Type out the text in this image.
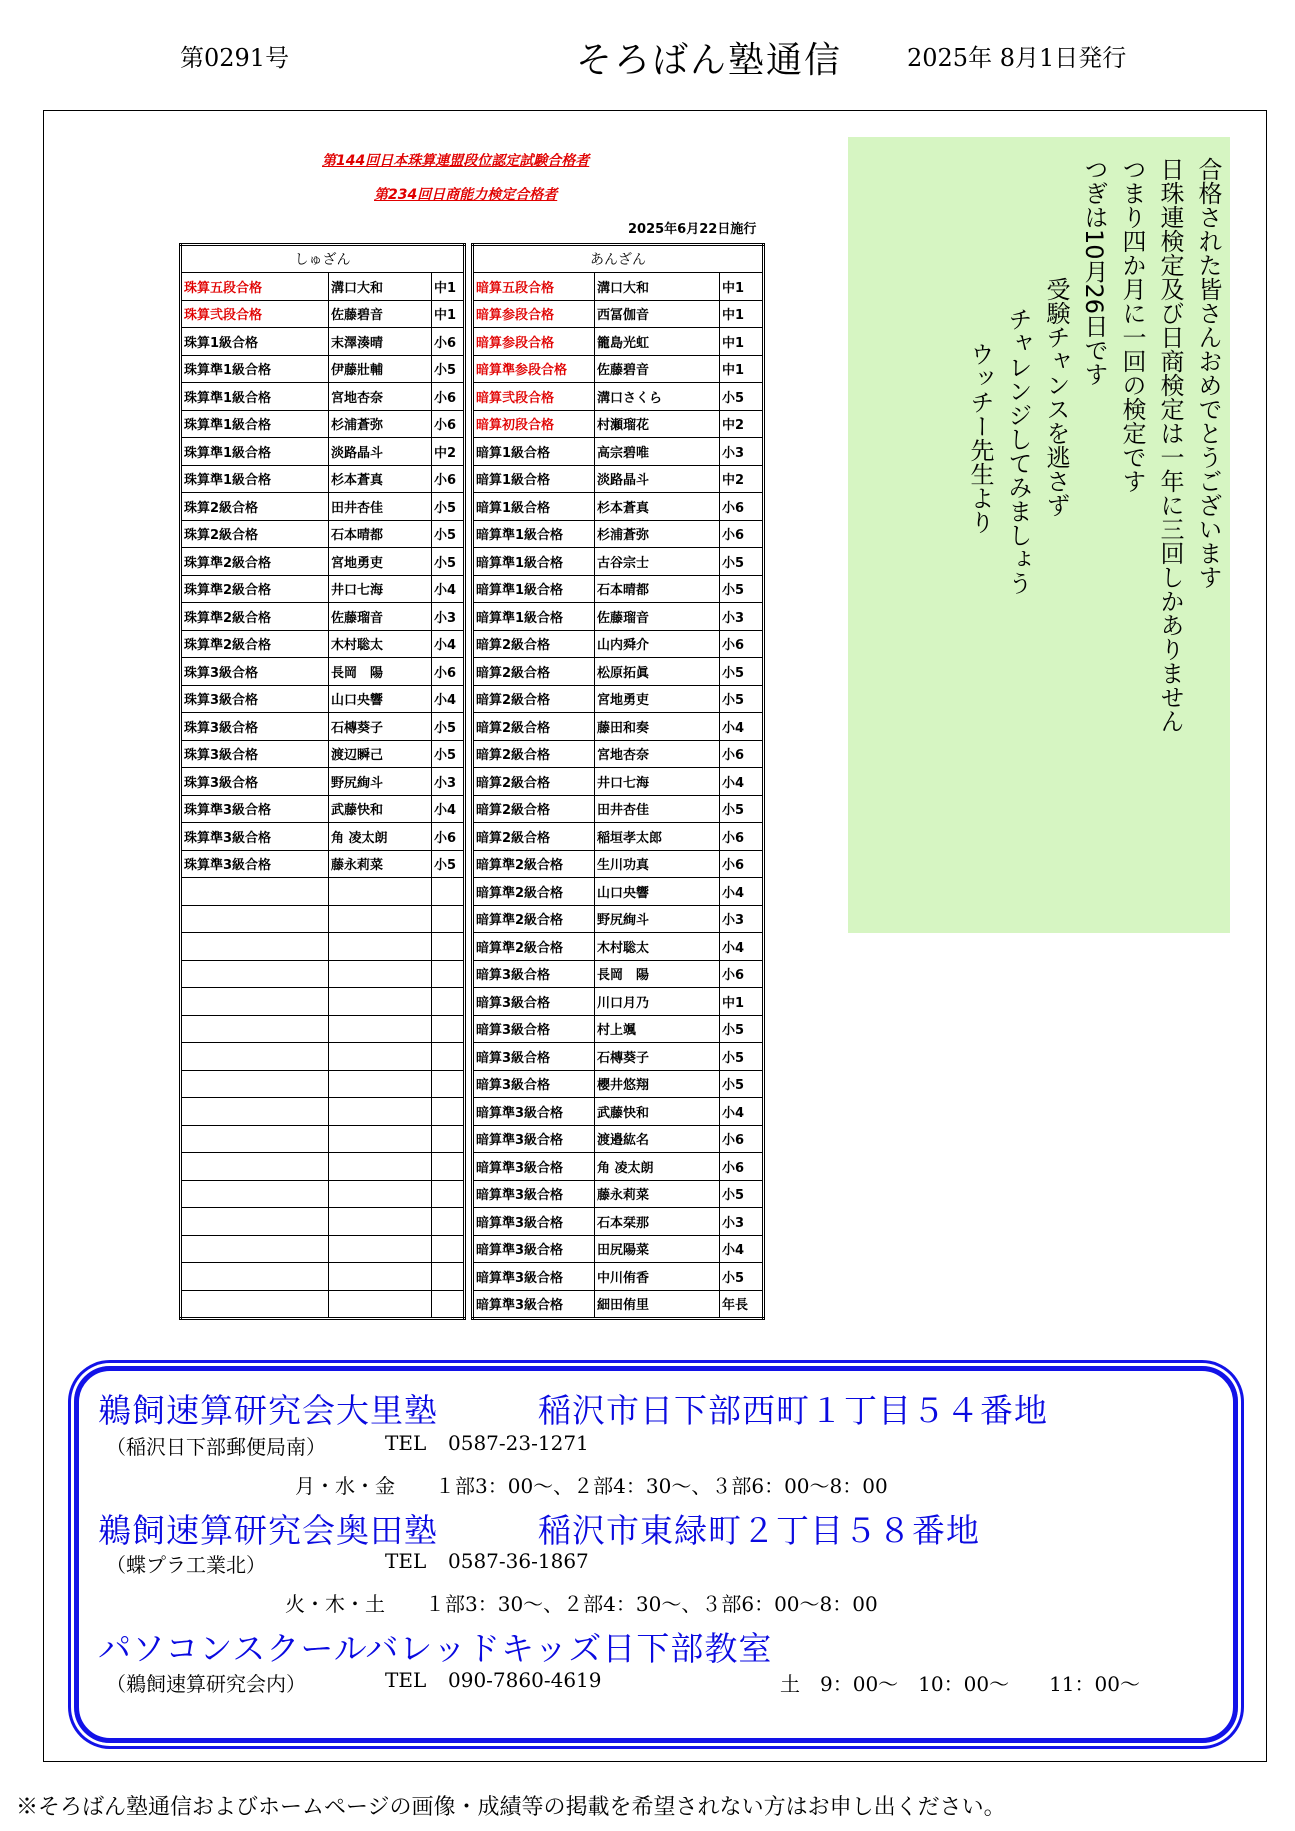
第0291号	そろばん塾通信	2025年 8月1日発行
第144回日本珠算連盟段位認定試験合格者
第234回日商能力検定合格者
2025年6月22日施行
しゅざん		
珠算五段合格	溝口大和	中1
珠算弐段合格	佐藤碧音	中1
珠算1級合格	末澤湊晴	小6
珠算準1級合格	伊藤壯輔	小5
珠算準1級合格	宮地杏奈	小6
珠算準1級合格	杉浦蒼弥	小6
珠算準1級合格	淡路晶斗	中2
珠算準1級合格	杉本蒼真	小6
珠算2級合格	田井杏佳	小5
珠算2級合格	石本晴都	小5
珠算準2級合格	宮地勇吏	小5
珠算準2級合格	井口七海	小4
珠算準2級合格	佐藤瑠音	小3
珠算準2級合格	木村聡太	小4
珠算3級合格	長岡　陽	小6
珠算3級合格	山口央響	小4
珠算3級合格	石槫葵子	小5
珠算3級合格	渡辺瞬己	小5
珠算3級合格	野尻絢斗	小3
珠算準3級合格	武藤快和	小4
珠算準3級合格	角 凌太朗	小6
珠算準3級合格	藤永莉菜	小5

あんざん		
暗算五段合格	溝口大和	中1
暗算参段合格	西冨伽音	中1
暗算参段合格	籠島光虹	中1
暗算準参段合格	佐藤碧音	中1
暗算弐段合格	溝口さくら	小5
暗算初段合格	村瀬瑠花	中2
暗算1級合格	高宗碧唯	小3
暗算1級合格	淡路晶斗	中2
暗算1級合格	杉本蒼真	小6
暗算準1級合格	杉浦蒼弥	小6
暗算準1級合格	古谷宗士	小5
暗算準1級合格	石本晴都	小5
暗算準1級合格	佐藤瑠音	小3
暗算2級合格	山内舜介	小6
暗算2級合格	松原拓眞	小5
暗算2級合格	宮地勇吏	小5
暗算2級合格	藤田和奏	小4
暗算2級合格	宮地杏奈	小6
暗算2級合格	井口七海	小4
暗算2級合格	田井杏佳	小5
暗算2級合格	稲垣孝太郎	小6
暗算準2級合格	生川功真	小6
暗算準2級合格	山口央響	小4
暗算準2級合格	野尻絢斗	小3
暗算準2級合格	木村聡太	小4
暗算3級合格	長岡　陽	小6
暗算3級合格	川口月乃	中1
暗算3級合格	村上颯	小5
暗算3級合格	石槫葵子	小5
暗算3級合格	櫻井悠翔	小5
暗算準3級合格	武藤快和	小4
暗算準3級合格	渡邉紘名	小6
暗算準3級合格	角 凌太朗	小6
暗算準3級合格	藤永莉菜	小5
暗算準3級合格	石本栞那	小3
暗算準3級合格	田尻陽菜	小4
暗算準3級合格	中川侑香	小5
暗算準3級合格	細田侑里	年長
合格された皆さんおめでとうございます
日珠連検定及び日商検定は一年に三回しかありません
つまり四か月に一回の検定です
つぎは10月26日です
受験チャンスを逃さず
チャレンジしてみましょう
ウッチー先生より
鵜飼速算研究会大里塾	稲沢市日下部西町１丁目５４番地
（稲沢日下部郵便局南）	TEL 0587-23-1271
月・水・金　　１部3：00〜、２部4：30〜、３部6：00〜8：00
鵜飼速算研究会奥田塾	稲沢市東緑町２丁目５８番地
（蝶プラ工業北）	TEL 0587-36-1867
火・木・土　　１部3：30〜、２部4：30〜、３部6：00〜8：00
パソコンスクールバレッドキッズ日下部教室
（鵜飼速算研究会内）	TEL 090-7860-4619	土　9：00〜　10：00〜　　11：00〜
※そろばん塾通信およびホームページの画像・成績等の掲載を希望されない方はお申し出ください。
